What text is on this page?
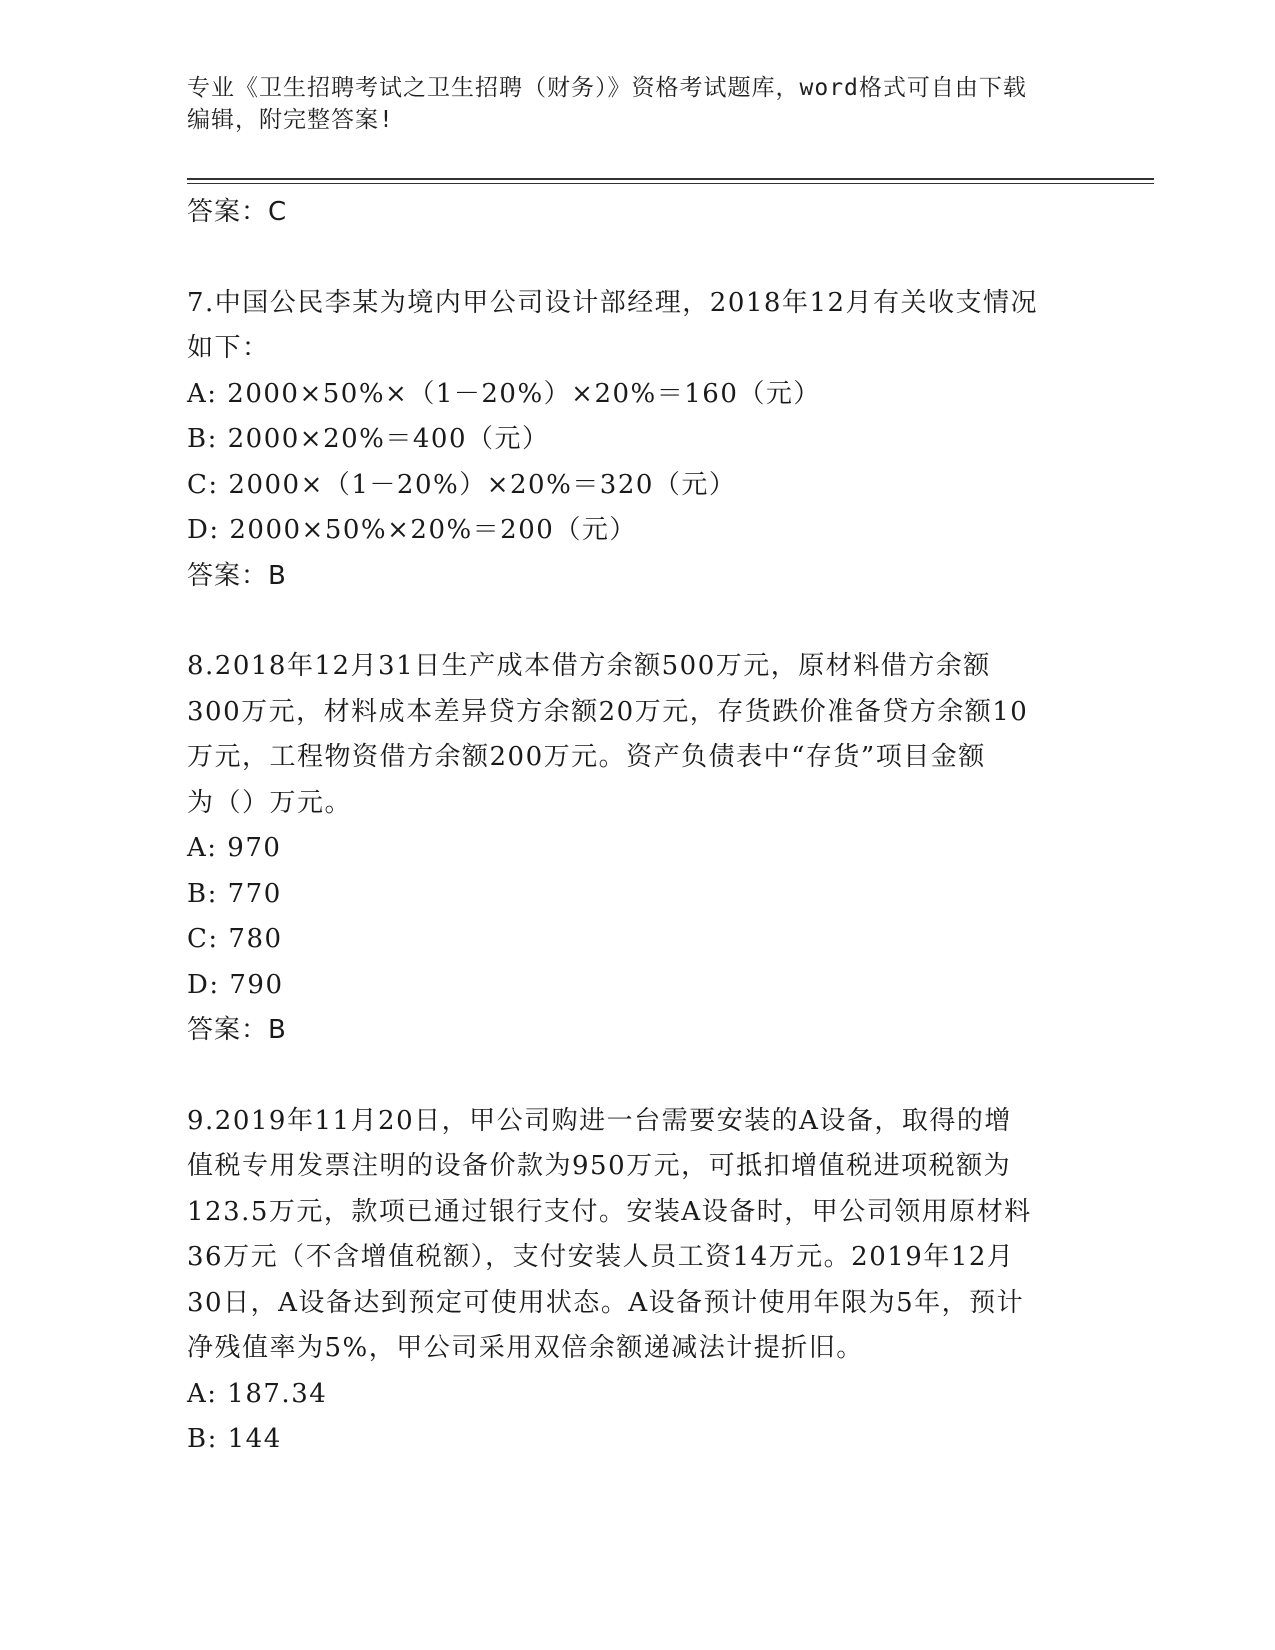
专业《卫生招聘考试之卫生招聘（财务）》资格考试题库，word格式可自由下载
编辑，附完整答案!
答案：C
7.中国公民李某为境内甲公司设计部经理，2018年12月有关收支情况
如下：
A: 2000×50%×（1－20%）×20%＝160（元）
B: 2000×20%＝400（元）
C: 2000×（1－20%）×20%＝320（元）
D: 2000×50%×20%＝200（元）
答案：B
8.2018年12月31日生产成本借方余额500万元，原材料借方余额
300万元，材料成本差异贷方余额20万元，存货跌价准备贷方余额10
万元，工程物资借方余额200万元。资产负债表中“存货”项目金额
为（）万元。
A: 970
B: 770
C: 780
D: 790
答案：B
9.2019年11月20日，甲公司购进一台需要安装的A设备，取得的增
值税专用发票注明的设备价款为950万元，可抵扣增值税进项税额为
123.5万元，款项已通过银行支付。安装A设备时，甲公司领用原材料
36万元（不含增值税额），支付安装人员工资14万元。2019年12月
30日，A设备达到预定可使用状态。A设备预计使用年限为5年，预计
净残值率为5%，甲公司采用双倍余额递减法计提折旧。
A: 187.34
B: 144
